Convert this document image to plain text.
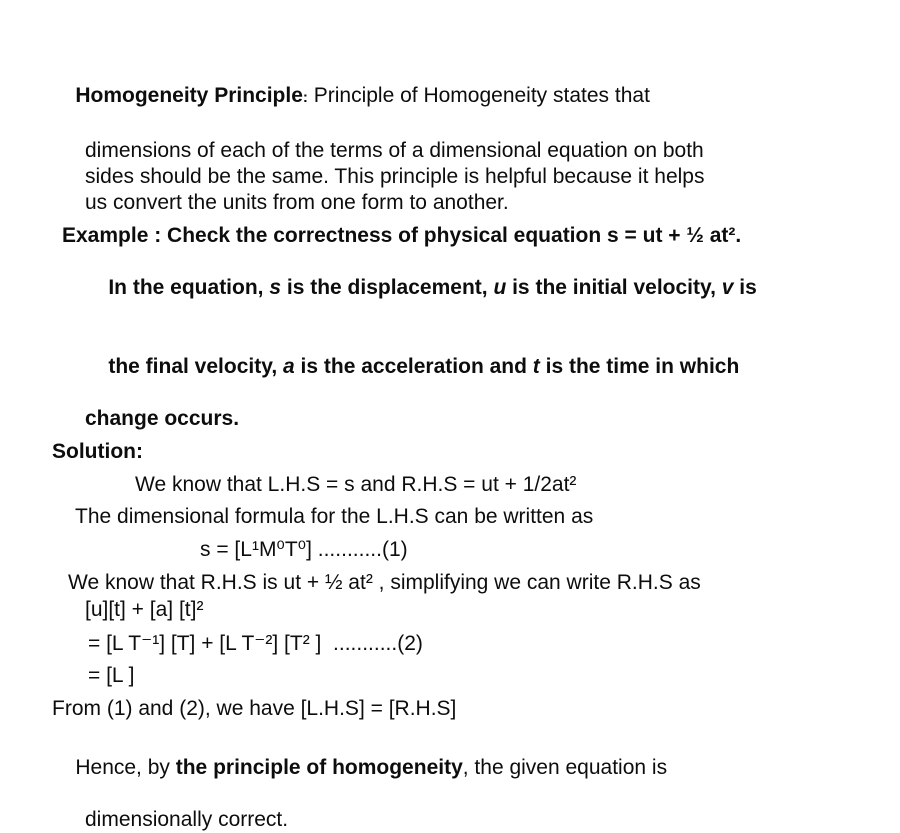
Homogeneity Principle: Principle of Homogeneity states that

dimensions of each of the terms of a dimensional equation on both
sides should be the same. This principle is helpful because it helps
us convert the units from one form to another.
Example : Check the correctness of physical equation s = ut + ½ at².

In the equation, s is the displacement, u is the initial velocity, v is

the final velocity, a is the acceleration and t is the time in which

change occurs.
Solution:
We know that L.H.S = s and R.H.S = ut + 1/2at²
The dimensional formula for the L.H.S can be written as
s = [L¹M⁰T⁰] ...........(1)
We know that R.H.S is ut + ½ at² , simplifying we can write R.H.S as
[u][t] + [a] [t]²
= [L T⁻¹] [T] + [L T⁻²] [T² ]  ...........(2)
= [L ]
From (1) and (2), we have [L.H.S] = [R.H.S]

Hence, by the principle of homogeneity, the given equation is

dimensionally correct.
